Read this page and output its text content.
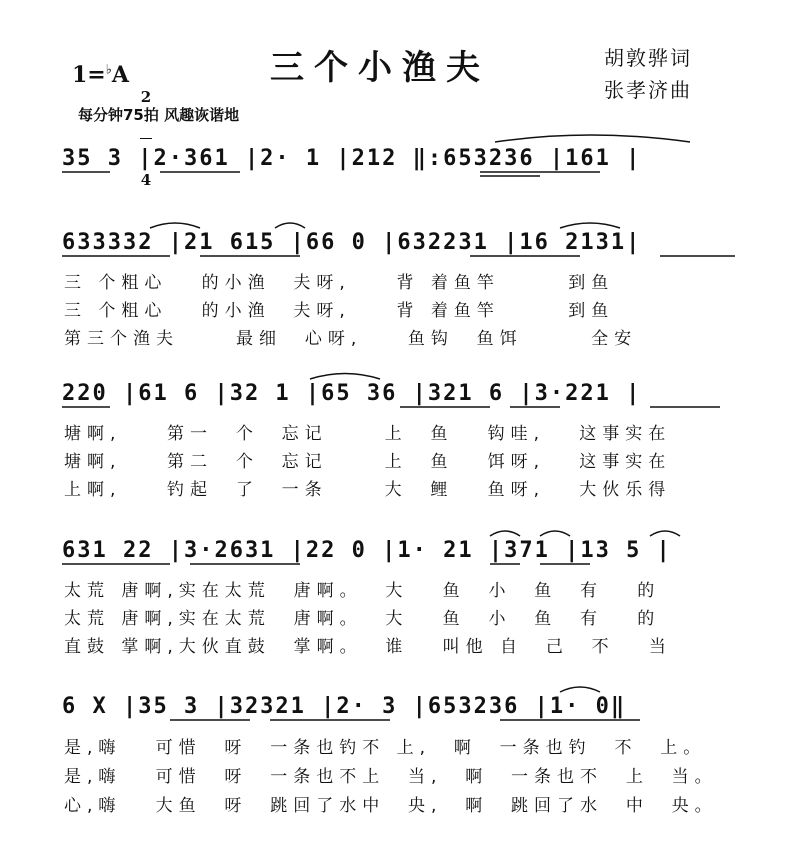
三个小渔夫	胡敦骅词
张孝济曲
1=♭A

2

4

每分钟75拍 风趣诙谐地
35 3 |2·361 |2· 1 |212 ‖:653236 |161 |
633332 |21 615 |66 0 |632231 |16 2131|
三 个粗心   的小渔  夫呀,    背 着鱼竿      到鱼
三 个粗心   的小渔  夫呀,    背 着鱼竿      到鱼
第三个渔夫     最细  心呀,    鱼钩  鱼饵      全安
220 |61 6 |32 1 |65 36 |321 6 |3·221 |
塘啊,    第一  个  忘记     上  鱼   钩哇,   这事实在
塘啊,    第二  个  忘记     上  鱼   饵呀,   这事实在
上啊,    钓起  了  一条     大  鲤   鱼呀,   大伙乐得
631 22 |3·2631 |22 0 |1· 21 |371 |13 5 |
太荒 唐啊,实在太荒  唐啊。  大   鱼  小  鱼  有   的
太荒 唐啊,实在太荒  唐啊。  大   鱼  小  鱼  有   的
直鼓 掌啊,大伙直鼓  掌啊。  谁   叫他 自  己  不   当
6 X |35 3 |32321 |2· 3 |653236 |1· 0‖
是,嗨   可惜  呀  一条也钓不 上,  啊  一条也钓  不  上。
是,嗨   可惜  呀  一条也不上  当,  啊  一条也不  上  当。
心,嗨   大鱼  呀  跳回了水中  央,  啊  跳回了水  中  央。
